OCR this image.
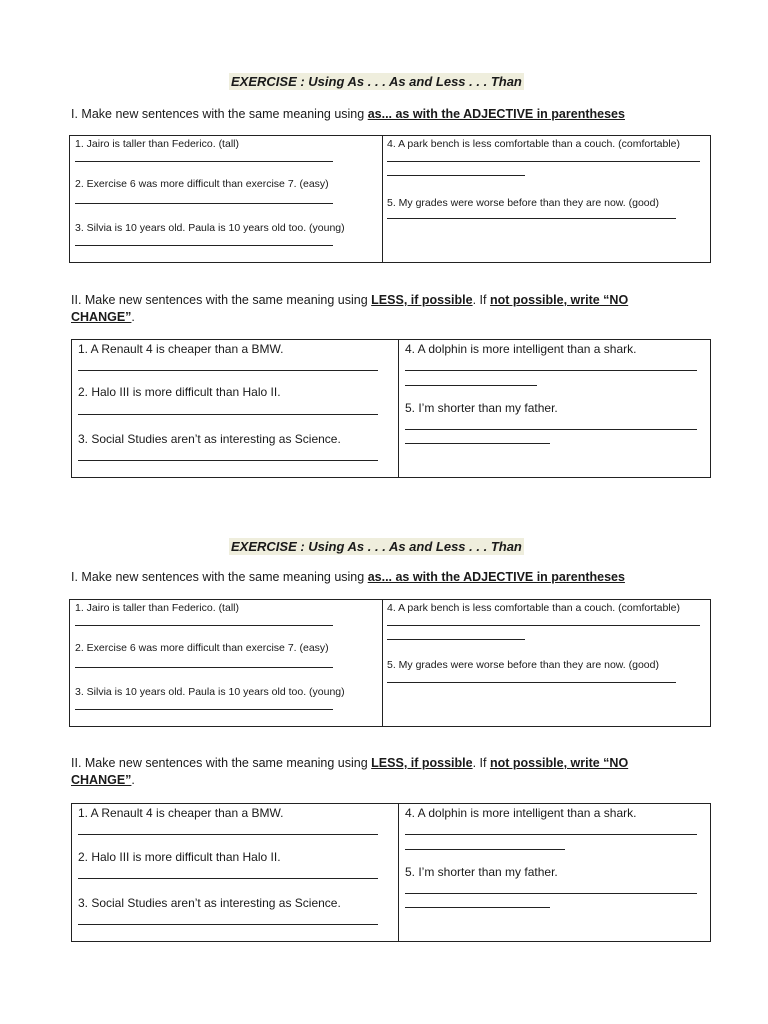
EXERCISE : Using As . . . As and Less . . . Than
I. Make new sentences with the same meaning using as... as with the ADJECTIVE in parentheses
1. Jairo is taller than Federico. (tall)
2. Exercise 6 was more difficult than exercise 7. (easy)
3. Silvia is 10 years old. Paula is 10 years old too. (young)
4. A park bench is less comfortable than a couch. (comfortable)
5. My grades were worse before than they are now. (good)
II. Make new sentences with the same meaning using LESS, if possible. If not possible, write “NO
CHANGE”.
1. A Renault 4 is cheaper than a BMW.
2. Halo III is more difficult than Halo II.
3. Social Studies aren’t as interesting as Science.
4. A dolphin is more intelligent than a shark.
5. I’m shorter than my father.
EXERCISE : Using As . . . As and Less . . . Than
I. Make new sentences with the same meaning using as... as with the ADJECTIVE in parentheses
1. Jairo is taller than Federico. (tall)
2. Exercise 6 was more difficult than exercise 7. (easy)
3. Silvia is 10 years old. Paula is 10 years old too. (young)
4. A park bench is less comfortable than a couch. (comfortable)
5. My grades were worse before than they are now. (good)
II. Make new sentences with the same meaning using LESS, if possible. If not possible, write “NO
CHANGE”.
1. A Renault 4 is cheaper than a BMW.
2. Halo III is more difficult than Halo II.
3. Social Studies aren’t as interesting as Science.
4. A dolphin is more intelligent than a shark.
5. I’m shorter than my father.
